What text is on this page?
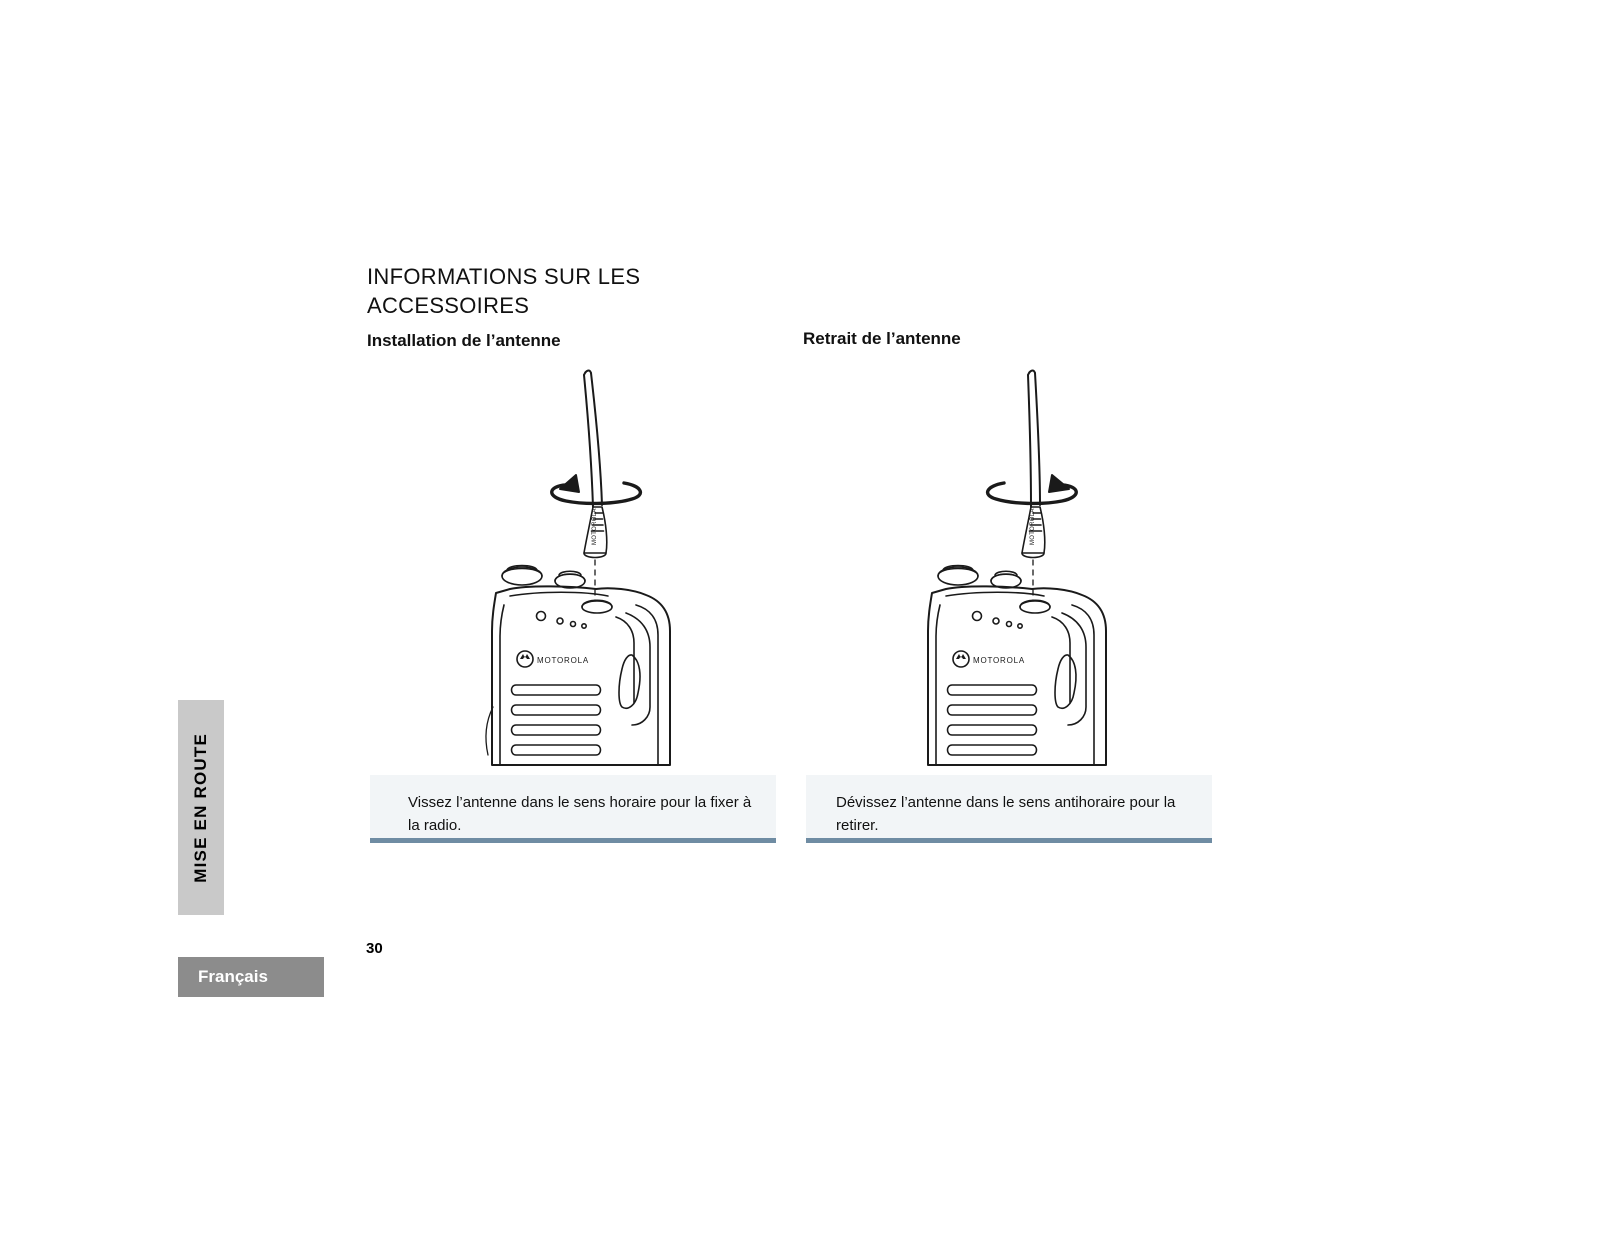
MISE EN ROUTE
Français
30
INFORMATIONS SUR LES ACCESSOIRES
Installation de l’antenne	Retrait de l’antenne
MOTOROLA
MOTOROLA
MOTOROLA
MOTOROLA
Vissez l’antenne dans le sens horaire pour la fixer à la radio.
Dévissez l’antenne dans le sens antihoraire pour la retirer.
